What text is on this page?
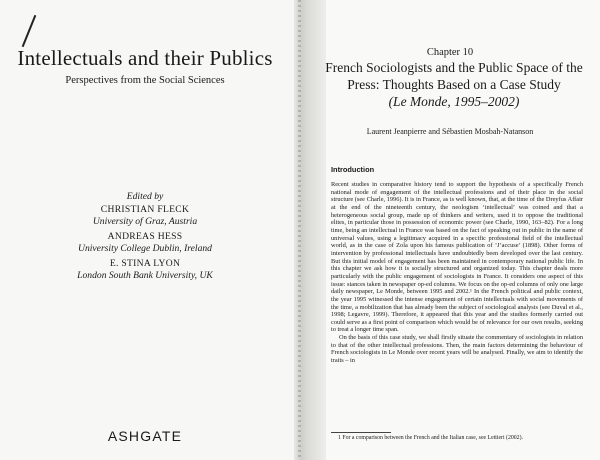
Intellectuals and their Publics
Perspectives from the Social Sciences
Edited by
CHRISTIAN FLECK
University of Graz, Austria
ANDREAS HESS
University College Dublin, Ireland
E. STINA LYON
London South Bank University, UK
ASHGATE
Chapter 10
French Sociologists and the Public Space of the Press: Thoughts Based on a Case Study
(Le Monde, 1995–2002)
Laurent Jeanpierre and Sébastien Mosbah-Natanson
Introduction

Recent studies in comparative history tend to support the hypothesis of a specifically French national mode of engagement of the intellectual professions and of their place in the social structure (see Charle, 1996). It is in France, as is well known, that, at the time of the Dreyfus Affair at the end of the nineteenth century, the neologism ‘intellectual’ was coined and that a heterogeneous social group, made up of thinkers and writers, used it to oppose the traditional elites, in particular those in possession of economic power (see Charle, 1990, 163–82). For a long time, being an intellectual in France was based on the fact of speaking out in public in the name of universal values, using a legitimacy acquired in a specific professional field of the intellectual world, as in the case of Zola upon his famous publication of ‘J’accuse’ (1898). Other forms of intervention by professional intellectuals have undoubtedly been developed over the last century. But this initial model of engagement has been maintained in contemporary national public life. In this chapter we ask how it is socially structured and organized today. This chapter deals more particularly with the public engagement of sociologists in France. It considers one aspect of this issue: stances taken in newspaper op-ed columns. We focus on the op-ed columns of only one large daily newspaper, Le Monde, between 1995 and 2002.¹ In the French political and public context, the year 1995 witnessed the intense engagement of certain intellectuals with social movements of the time, a mobilization that has already been the subject of sociological analysis (see Duval et al., 1998; Legavre, 1999). Therefore, it appeared that this year and the studies formerly carried out could serve as a first point of comparison which would be of relevance for our own results, seeking to treat a longer time span.

On the basis of this case study, we shall firstly situate the commentary of sociologists in relation to that of the other intellectual professions. Then, the main factors determining the behaviour of French sociologists in Le Monde over recent years will be analysed. Finally, we aim to identify the traits – in

1 For a comparison between the French and the Italian case, see Lettieri (2002).
